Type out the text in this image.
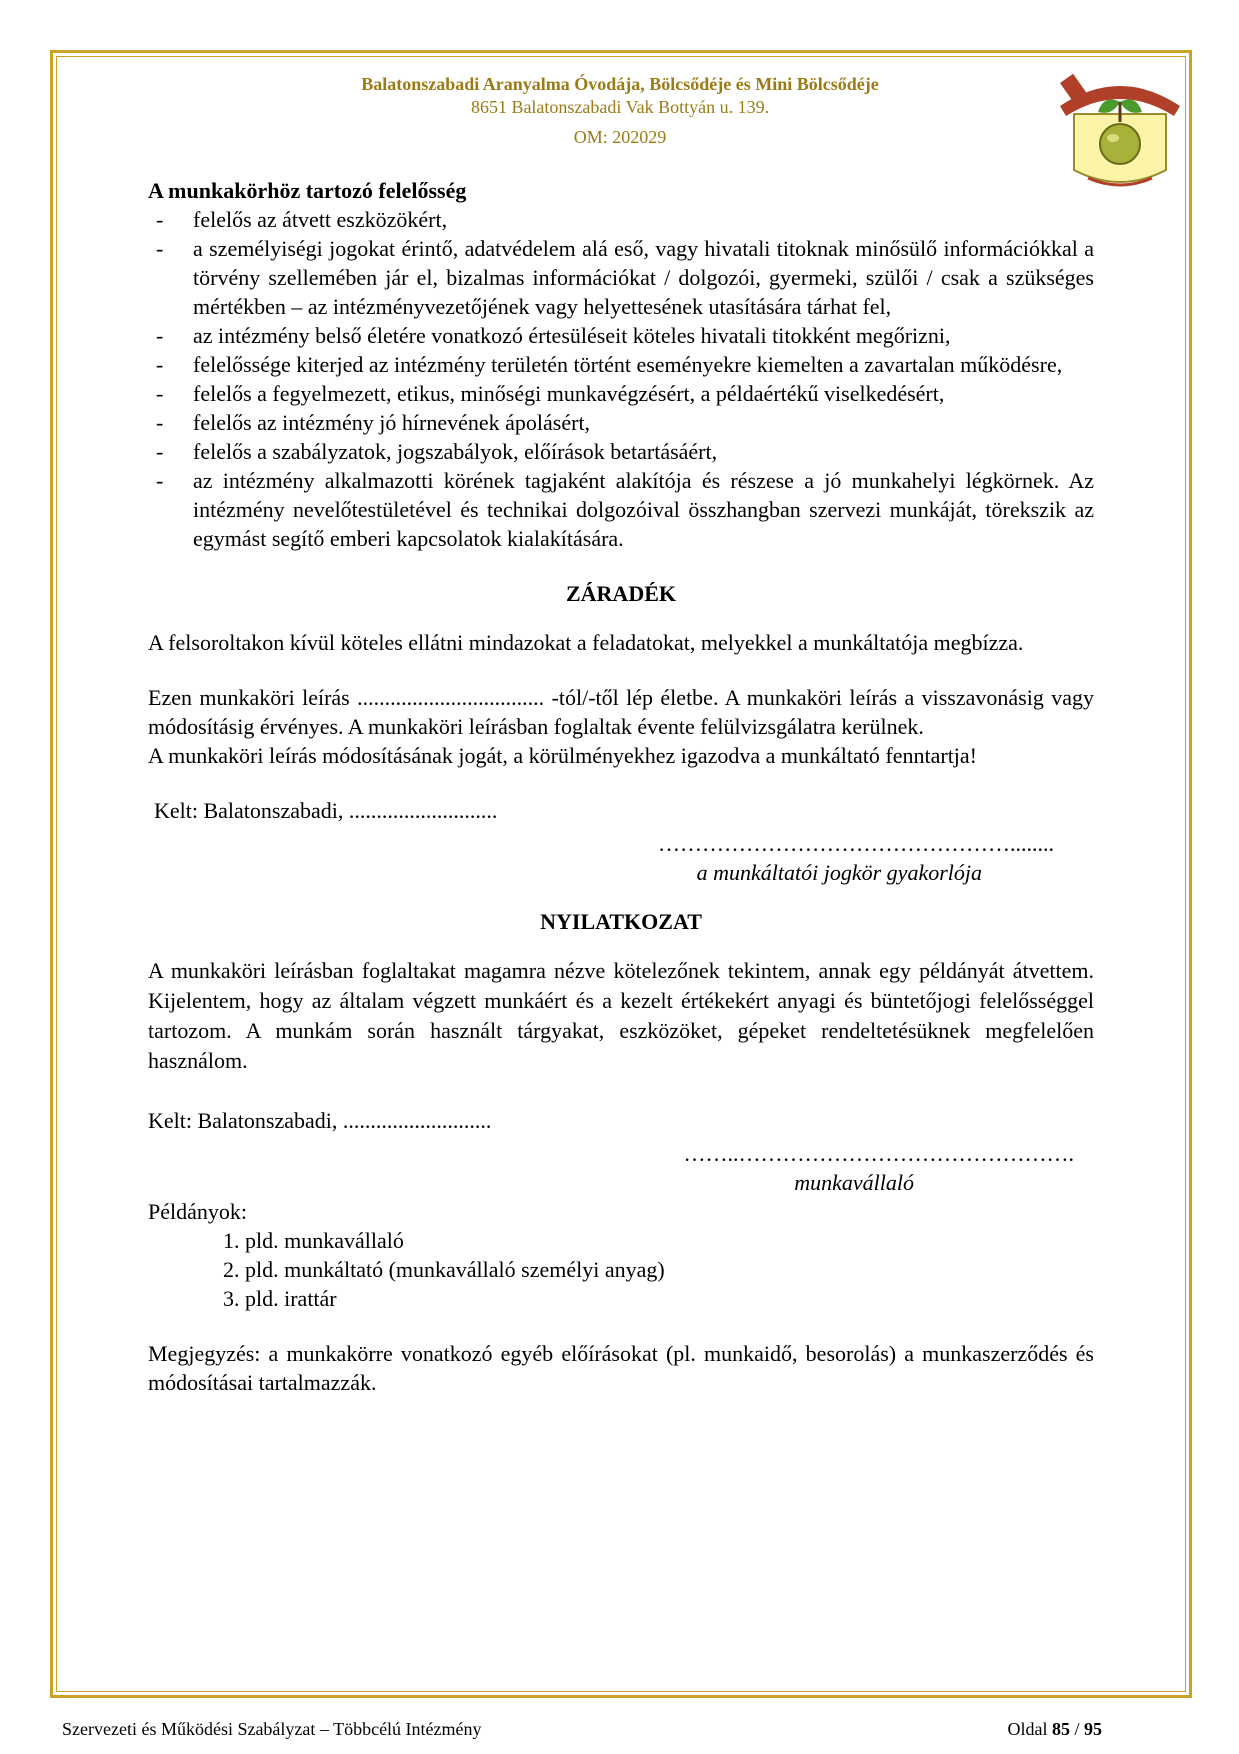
Balatonszabadi Aranyalma Óvodája, Bölcsődéje és Mini Bölcsődéje
8651 Balatonszabadi Vak Bottyán u. 139.
OM: 202029
A munkakörhöz tartozó felelősség
- felelős az átvett eszközökért,
- a személyiségi jogokat érintő, adatvédelem alá eső, vagy hivatali titoknak minősülő információkkal a törvény szellemében jár el, bizalmas információkat / dolgozói, gyermeki, szülői / csak a szükséges mértékben – az intézményvezetőjének vagy helyettesének utasítására tárhat fel,
- az intézmény belső életére vonatkozó értesüléseit köteles hivatali titokként megőrizni,
- felelőssége kiterjed az intézmény területén történt eseményekre kiemelten a zavartalan működésre,
- felelős a fegyelmezett, etikus, minőségi munkavégzésért, a példaértékű viselkedésért,
- felelős az intézmény jó hírnevének ápolásért,
- felelős a szabályzatok, jogszabályok, előírások betartásáért,
- az intézmény alkalmazotti körének tagjaként alakítója és részese a jó munkahelyi légkörnek. Az intézmény nevelőtestületével és technikai dolgozóival összhangban szervezi munkáját, törekszik az egymást segítő emberi kapcsolatok kialakítására.
ZÁRADÉK
A felsoroltakon kívül köteles ellátni mindazokat a feladatokat, melyekkel a munkáltatója megbízza.
Ezen munkaköri leírás .................................. -tól/-től lép életbe. A munkaköri leírás a visszavonásig vagy módosításig érvényes. A munkaköri leírásban foglaltak évente felülvizsgálatra kerülnek.
A munkaköri leírás módosításának jogát, a körülményekhez igazodva a munkáltató fenntartja!
Kelt: Balatonszabadi, ...........................
…………………………………………........
a munkáltatói jogkör gyakorlója
NYILATKOZAT
A munkaköri leírásban foglaltakat magamra nézve kötelezőnek tekintem, annak egy példányát átvettem. Kijelentem, hogy az általam végzett munkáért és a kezelt értékekért anyagi és büntetőjogi felelősséggel tartozom. A munkám során használt tárgyakat, eszközöket, gépeket rendeltetésüknek megfelelően használom.
Kelt: Balatonszabadi, ...........................
……..……………………………………….
munkavállaló
Példányok:
1. pld. munkavállaló
2. pld. munkáltató (munkavállaló személyi anyag)
3. pld. irattár
Megjegyzés: a munkakörre vonatkozó egyéb előírásokat (pl. munkaidő, besorolás) a munkaszerződés és módosításai tartalmazzák.
Szervezeti és Működési Szabályzat – Többcélú Intézmény	Oldal 85 / 95
